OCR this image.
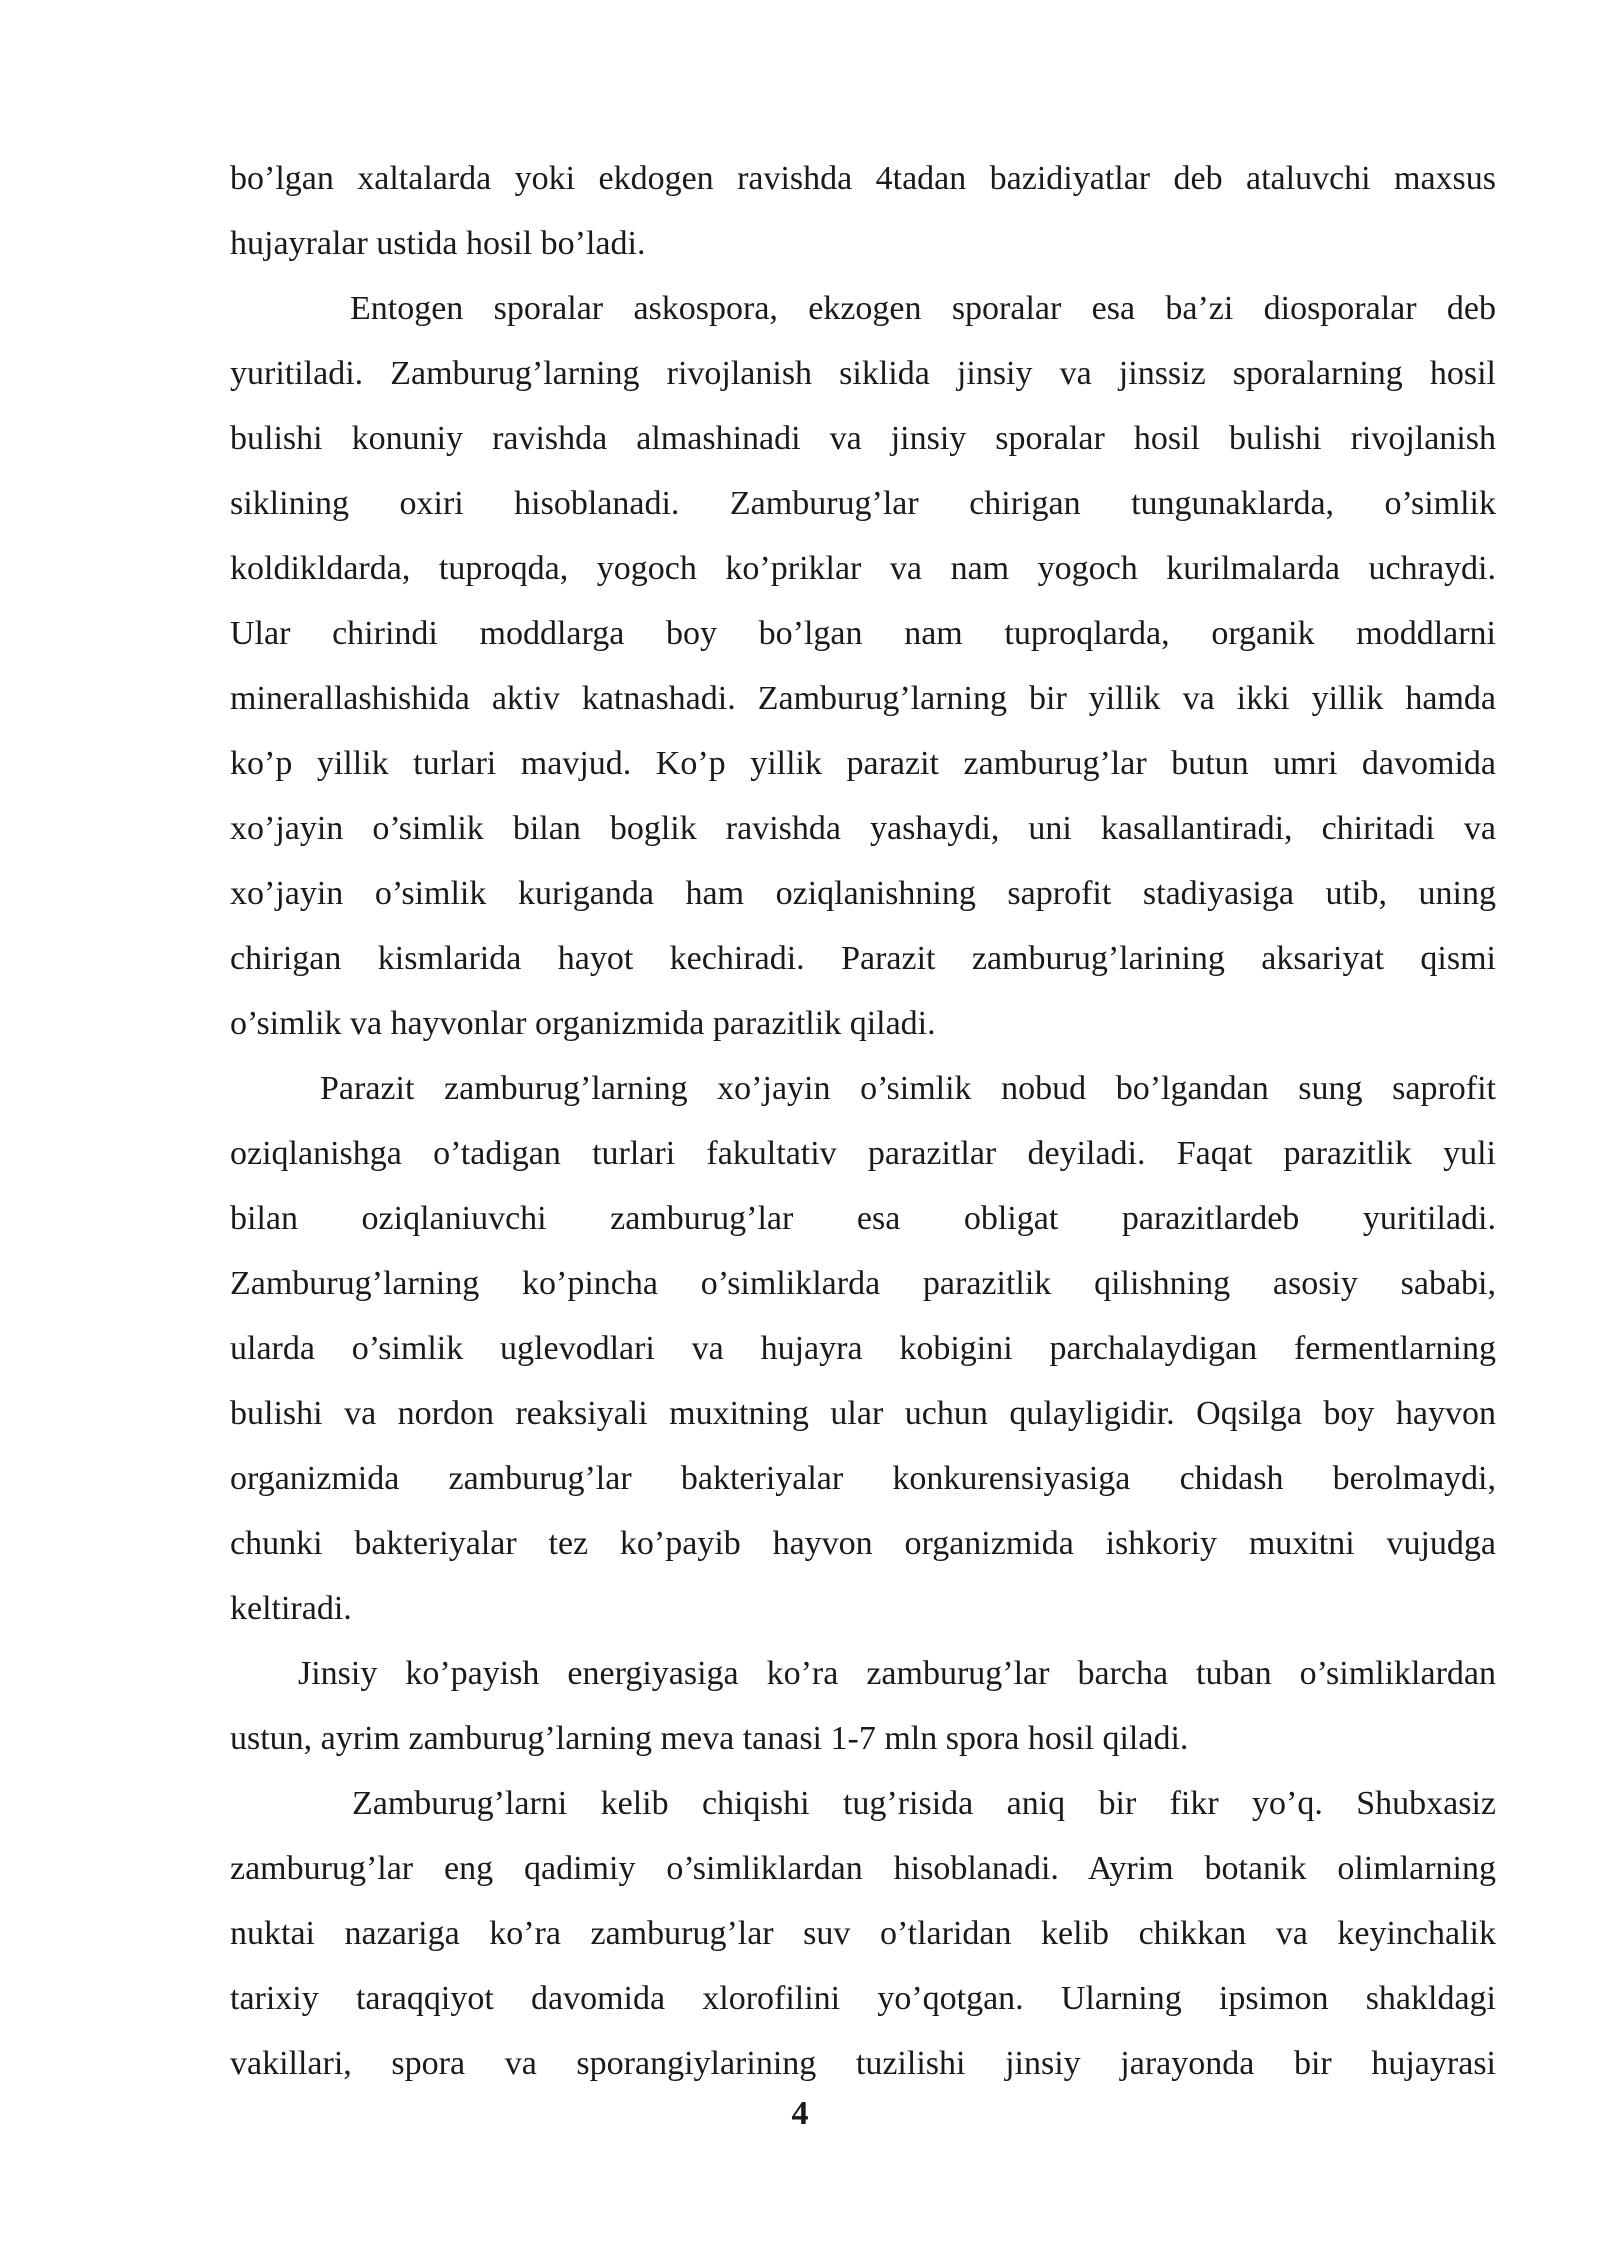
bo’lgan xaltalarda yoki ekdogen ravishda 4tadan bazidiyatlar deb ataluvchi maxsus
hujayralar ustida hosil bo’ladi.
Entogen sporalar askospora, ekzogen sporalar esa ba’zi diosporalar deb
yuritiladi. Zamburug’larning rivojlanish siklida jinsiy va jinssiz sporalarning hosil
bulishi konuniy ravishda almashinadi va jinsiy sporalar hosil bulishi rivojlanish
siklining oxiri hisoblanadi. Zamburug’lar chirigan tungunaklarda, o’simlik
koldikldarda, tuproqda, yogoch ko’priklar va nam yogoch kurilmalarda uchraydi.
Ular chirindi moddlarga boy bo’lgan nam tuproqlarda, organik moddlarni
minerallashishida aktiv katnashadi. Zamburug’larning bir yillik va ikki yillik hamda
ko’p yillik turlari mavjud. Ko’p yillik parazit zamburug’lar butun umri davomida
xo’jayin o’simlik bilan boglik ravishda yashaydi, uni kasallantiradi, chiritadi va
xo’jayin o’simlik kuriganda ham oziqlanishning saprofit stadiyasiga utib, uning
chirigan kismlarida hayot kechiradi. Parazit zamburug’larining aksariyat qismi
o’simlik va hayvonlar organizmida parazitlik qiladi.
Parazit zamburug’larning xo’jayin o’simlik nobud bo’lgandan sung saprofit
oziqlanishga o’tadigan turlari fakultativ parazitlar deyiladi. Faqat parazitlik yuli
bilan oziqlaniuvchi zamburug’lar esa obligat parazitlardeb yuritiladi.
Zamburug’larning ko’pincha o’simliklarda parazitlik qilishning asosiy sababi,
ularda o’simlik uglevodlari va hujayra kobigini parchalaydigan fermentlarning
bulishi va nordon reaksiyali muxitning ular uchun qulayligidir. Oqsilga boy hayvon
organizmida zamburug’lar bakteriyalar konkurensiyasiga chidash berolmaydi,
chunki bakteriyalar tez ko’payib hayvon organizmida ishkoriy muxitni vujudga
keltiradi.
Jinsiy ko’payish energiyasiga ko’ra zamburug’lar barcha tuban o’simliklardan
ustun, ayrim zamburug’larning meva tanasi 1-7 mln spora hosil qiladi.
Zamburug’larni kelib chiqishi tug’risida aniq bir fikr yo’q. Shubxasiz
zamburug’lar eng qadimiy o’simliklardan hisoblanadi. Ayrim botanik olimlarning
nuktai nazariga ko’ra zamburug’lar suv o’tlaridan kelib chikkan va keyinchalik
tarixiy taraqqiyot davomida xlorofilini yo’qotgan. Ularning ipsimon shakldagi
vakillari, spora va sporangiylarining tuzilishi jinsiy jarayonda bir hujayrasi
4
